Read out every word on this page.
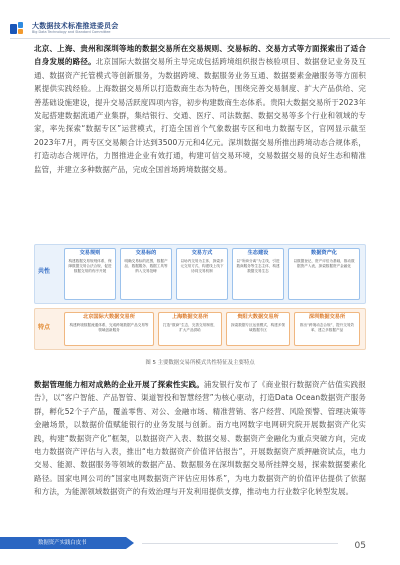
大数据技术标准推进委员会
Big Data Technology and Standard Committee

北京、上海、贵州和深圳等地的数据交易所在交易规则、交易标的、交易方式等方面探索出了适合自身发展的路径。北京国际大数据交易所主导完成包括跨境组织报告核验项目、数据登记业务及互通、数据资产托管模式等创新服务，为数据跨境、数据服务业务互通、数据要素金融服务等方面积累提供实践经验。上海数据交易所以打造数商生态为特色，围绕完善交易制度、扩大产品供给、完善基础设施建设，提升交易活跃度四项内容，初步构建数商生态体系。贵阳大数据交易所于2023年发起搭建数据流通产业集群，集结银行、交通、医疗、司法数据、数据交易等多个行业和领域的专家，率先探索“数据专区”运营模式，打造全国首个气象数据专区和电力数据专区，官网显示截至2023年7月，两专区交易额合计达到3500万元和4亿元。深圳数据交易所推出跨境动态合规体系，打造动态合规评估，力图推进企业有效打通，构建可信交易环境，交易数据交易的良好生态和精准监管，并建立多种数据产品，完成全国首场跨境数据交易。

共性
特点
交易规则
构建数据交易规则体系，保障数据交易合法合规，促进数据交易的有序开展
交易标的
明确交易标的范围，数据产品、数据服务、数据工具等纳入交易范畴
交易方式
以场内交易为主体，探索多元交易方式，构建线上线下协同交易机制
生态建设
以“所商分离”为主线，引进数商服务等生态主体，构建数据交易生态
数据资产化
以数据登记、资产评估为基础，推动数据资产入表，探索数据资产金融化
北京国际大数据交易所
构建跨境数据流通体系，完成跨境数据产品交易等领域创新服务
上海数据交易所
打造“数商”生态，完善交易制度，扩大产品供给
贵阳大数据交易所
探索数据专区运营模式，构建多领域数据专区
深圳数据交易所
推出“跨境动态合规”，提升交易效率，建立多数据产品
图 5 主要数据交易所模式共性特征及主要特点

数据管理能力相对成熟的企业开展了探索性实践。浦发银行发布了《商业银行数据资产估值实践报告》，以“客户智能、产品智管、渠道智投和智慧经营”为核心驱动，打造Data Ocean数据资产服务群，孵化52个子产品，覆盖零售、对公、金融市场、精准营销、客户经营、风险预警、管理决策等金融场景，以数据价值赋能银行的业务发展与创新。南方电网数字电网研究院开展数据资产化实践，构建“数据资产化”框架，以数据资产入表、数据交易、数据资产金融化为重点突破方向，完成电力数据资产评估与入表，推出“电力数据资产价值评估报告”，开展数据资产质押融资试点，电力交易、能源、数据服务等领域的数据产品、数据服务在深圳数据交易所挂牌交易，探索数据要素化路径。国家电网公司的“国家电网数据资产评估应用体系”，为电力数据资产的价值评估提供了依据和方法，为能源领域数据资产的有效治理与开发利用提供支撑，推动电力行业数字化转型发展。

数据资产实践白皮书	05
